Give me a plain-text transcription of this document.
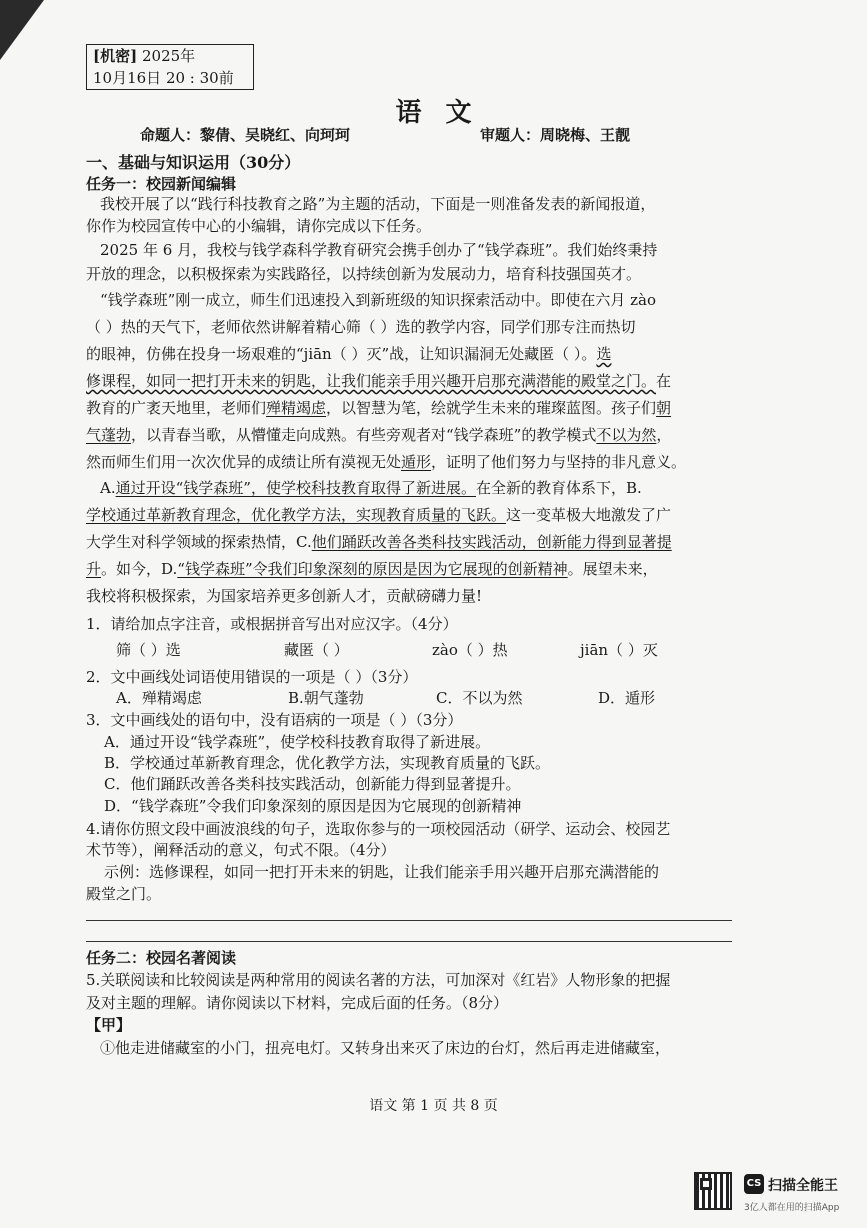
[机密] 2025年
10月16日 20 : 30前
语文
命题人：黎倩、吴晓红、向珂珂	审题人：周晓梅、王靓
一、基础与知识运用（30分）
任务一：校园新闻编辑
我校开展了以“践行科技教育之路”为主题的活动，下面是一则准备发表的新闻报道，
你作为校园宣传中心的小编辑，请你完成以下任务。
2025 年 6 月，我校与钱学森科学教育研究会携手创办了“钱学森班”。我们始终秉持
开放的理念，以积极探索为实践路径，以持续创新为发展动力，培育科技强国英才。
“钱学森班”刚一成立，师生们迅速投入到新班级的知识探索活动中。即使在六月 zào
（ ）热的天气下，老师依然讲解着精心筛（ ）选的教学内容，同学们那专注而热切
的眼神，仿佛在投身一场艰难的“jiān（ ）灭”战，让知识漏洞无处藏匿（ ）。选
修课程，如同一把打开未来的钥匙，让我们能亲手用兴趣开启那充满潜能的殿堂之门。在
教育的广袤天地里，老师们殚精竭虑，以智慧为笔，绘就学生未来的璀璨蓝图。孩子们朝
气蓬勃，以青春当歌，从懵懂走向成熟。有些旁观者对“钱学森班”的教学模式不以为然，
然而师生们用一次次优异的成绩让所有漠视无处遁形，证明了他们努力与坚持的非凡意义。
A.通过开设“钱学森班”，使学校科技教育取得了新进展。在全新的教育体系下，B.
学校通过革新教育理念，优化教学方法，实现教育质量的飞跃。这一变革极大地激发了广
大学生对科学领域的探索热情，C.他们踊跃改善各类科技实践活动，创新能力得到显著提
升。如今，D.“钱学森班”令我们印象深刻的原因是因为它展现的创新精神。展望未来，
我校将积极探索，为国家培养更多创新人才，贡献磅礴力量!
1．请给加点字注音，或根据拼音写出对应汉字。（4分）
筛（ ）选	藏匿（ ）	zào（ ）热	jiān（ ）灭
2．文中画线处词语使用错误的一项是（ ）（3分）
A．殚精竭虑	B.朝气蓬勃	C．不以为然	D．遁形
3．文中画线处的语句中，没有语病的一项是（ ）（3分）
A．通过开设“钱学森班”，使学校科技教育取得了新进展。
B．学校通过革新教育理念，优化教学方法，实现教育质量的飞跃。
C．他们踊跃改善各类科技实践活动，创新能力得到显著提升。
D．“钱学森班”令我们印象深刻的原因是因为它展现的创新精神
4.请你仿照文段中画波浪线的句子，选取你参与的一项校园活动（研学、运动会、校园艺
术节等），阐释活动的意义，句式不限。（4分）
示例：选修课程，如同一把打开未来的钥匙，让我们能亲手用兴趣开启那充满潜能的
殿堂之门。
任务二：校园名著阅读
5.关联阅读和比较阅读是两种常用的阅读名著的方法，可加深对《红岩》人物形象的把握
及对主题的理解。请你阅读以下材料，完成后面的任务。（8分）
【甲】
①他走进储藏室的小门，扭亮电灯。又转身出来灭了床边的台灯，然后再走进储藏室，
语文 第 1 页 共 8 页
CS 扫描全能王
3亿人都在用的扫描App
